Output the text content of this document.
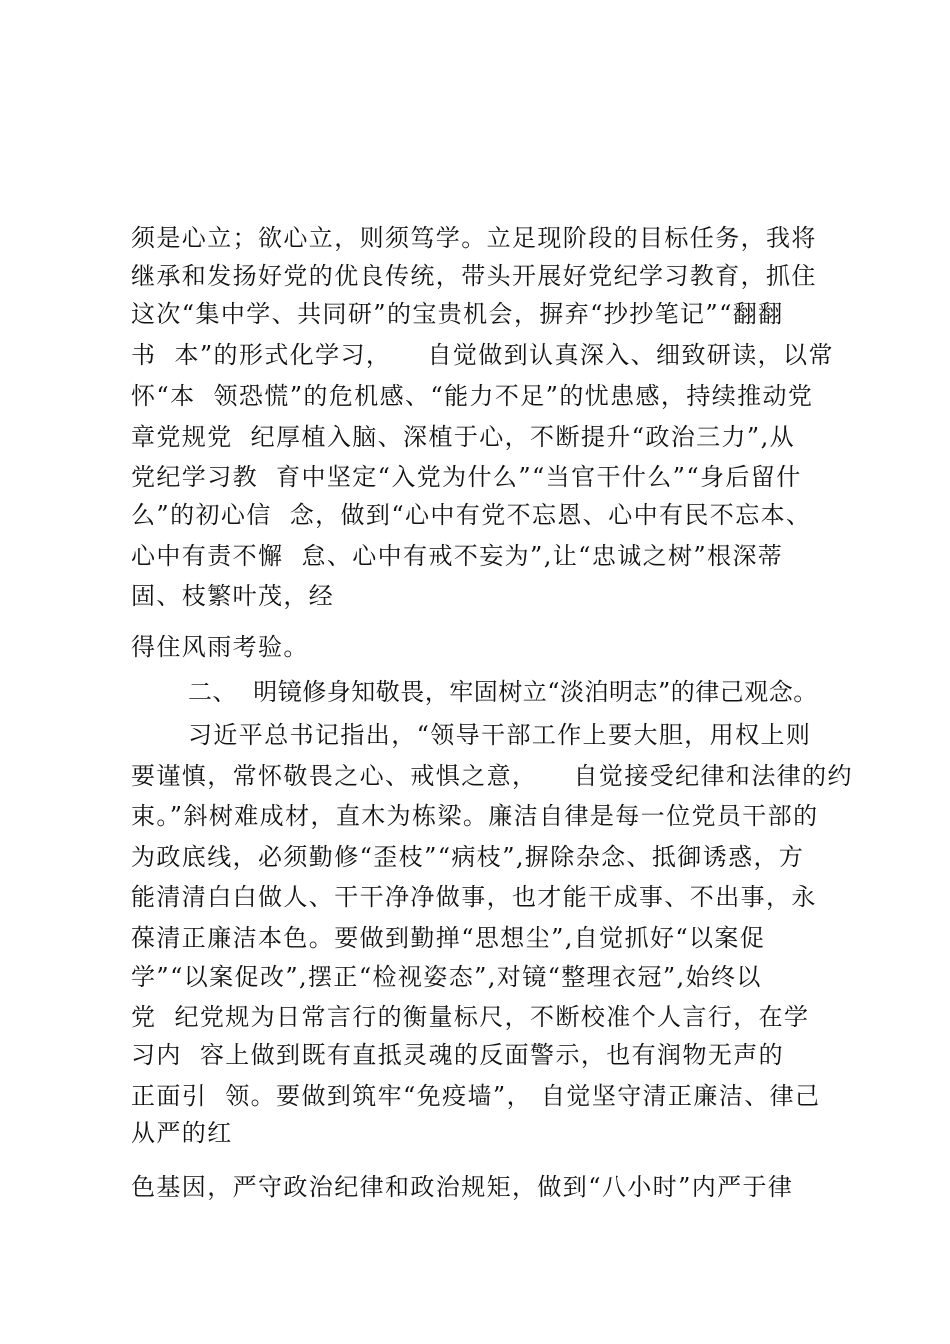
须是心立；欲心立，则须笃学。立足现阶段的目标任务，我将
继承和发扬好党的优良传统，带头开展好党纪学习教育，抓住
这次“集中学、共同研”的宝贵机会，摒弃“抄抄笔记”“翻翻
书  本”的形式化学习，    自觉做到认真深入、细致研读，以常
怀“本  领恐慌”的危机感、“能力不足”的忧患感，持续推动党
章党规党  纪厚植入脑、深植于心，不断提升“政治三力”,从
党纪学习教  育中坚定“入党为什么”“当官干什么”“身后留什
么”的初心信  念，做到“心中有党不忘恩、心中有民不忘本、
心中有责不懈  怠、心中有戒不妄为”,让“忠诚之树”根深蒂
固、枝繁叶茂，经
得住风雨考验。
二、  明镜修身知敬畏，牢固树立“淡泊明志”的律己观念。
习近平总书记指出，“领导干部工作上要大胆，用权上则
要谨慎，常怀敬畏之心、戒惧之意，    自觉接受纪律和法律的约
束。”斜树难成材，直木为栋梁。廉洁自律是每一位党员干部的
为政底线，必须勤修“歪枝”“病枝”,摒除杂念、抵御诱惑，方
能清清白白做人、干干净净做事，也才能干成事、不出事，永
葆清正廉洁本色。要做到勤掸“思想尘”,自觉抓好“以案促
学”“以案促改”,摆正“检视姿态”,对镜“整理衣冠”,始终以
党  纪党规为日常言行的衡量标尺，不断校准个人言行，在学
习内  容上做到既有直抵灵魂的反面警示，也有润物无声的
正面引  领。要做到筑牢“免疫墙”， 自觉坚守清正廉洁、律己
从严的红
色基因，严守政治纪律和政治规矩，做到“八小时”内严于律
